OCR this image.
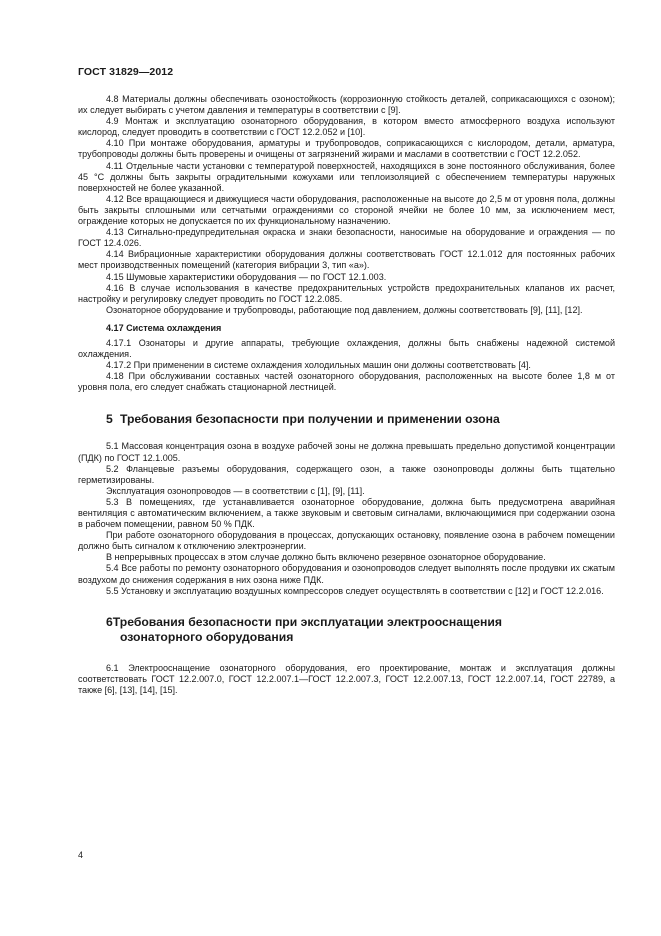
ГОСТ 31829—2012

4.8 Материалы должны обеспечивать озоностойкость (коррозионную стойкость деталей, соприкасающихся с озоном); их следует выбирать с учетом давления и температуры в соответствии с [9].

4.9 Монтаж и эксплуатацию озонаторного оборудования, в котором вместо атмосферного воздуха используют кислород, следует проводить в соответствии с ГОСТ 12.2.052 и [10].

4.10 При монтаже оборудования, арматуры и трубопроводов, соприкасающихся с кислородом, детали, арматура, трубопроводы должны быть проверены и очищены от загрязнений жирами и маслами в соответствии с ГОСТ 12.2.052.

4.11 Отдельные части установки с температурой поверхностей, находящихся в зоне постоянного обслуживания, более 45 °С должны быть закрыты оградительными кожухами или теплоизоляцией с обеспечением температуры наружных поверхностей не более указанной.

4.12 Все вращающиеся и движущиеся части оборудования, расположенные на высоте до 2,5 м от уровня пола, должны быть закрыты сплошными или сетчатыми ограждениями со стороной ячейки не более 10 мм, за исключением мест, ограждение которых не допускается по их функциональному назначению.

4.13 Сигнально-предупредительная окраска и знаки безопасности, наносимые на оборудование и ограждения — по ГОСТ 12.4.026.

4.14 Вибрационные характеристики оборудования должны соответствовать ГОСТ 12.1.012 для постоянных рабочих мест производственных помещений (категория вибрации 3, тип «а»).

4.15 Шумовые характеристики оборудования — по ГОСТ 12.1.003.

4.16 В случае использования в качестве предохранительных устройств предохранительных клапанов их расчет, настройку и регулировку следует проводить по ГОСТ 12.2.085.

Озонаторное оборудование и трубопроводы, работающие под давлением, должны соответствовать [9], [11], [12].

4.17 Система охлаждения

4.17.1 Озонаторы и другие аппараты, требующие охлаждения, должны быть снабжены надежной системой охлаждения.

4.17.2 При применении в системе охлаждения холодильных машин они должны соответствовать [4].

4.18 При обслуживании составных частей озонаторного оборудования, расположенных на высоте более 1,8 м от уровня пола, его следует снабжать стационарной лестницей.

5 Требования безопасности при получении и применении озона

5.1 Массовая концентрация озона в воздухе рабочей зоны не должна превышать предельно допустимой концентрации (ПДК) по ГОСТ 12.1.005.

5.2 Фланцевые разъемы оборудования, содержащего озон, а также озонопроводы должны быть тщательно герметизированы.

Эксплуатация озонопроводов — в соответствии с [1], [9], [11].

5.3 В помещениях, где устанавливается озонаторное оборудование, должна быть предусмотрена аварийная вентиляция с автоматическим включением, а также звуковым и световым сигналами, включающимися при содержании озона в рабочем помещении, равном 50 % ПДК.

При работе озонаторного оборудования в процессах, допускающих остановку, появление озона в рабочем помещении должно быть сигналом к отключению электроэнергии.

В непрерывных процессах в этом случае должно быть включено резервное озонаторное оборудование.

5.4 Все работы по ремонту озонаторного оборудования и озонопроводов следует выполнять после продувки их сжатым воздухом до снижения содержания в них озона ниже ПДК.

5.5 Установку и эксплуатацию воздушных компрессоров следует осуществлять в соответствии с [12] и ГОСТ 12.2.016.

6Требования безопасности при эксплуатации электрооснащения
озонаторного оборудования

6.1 Электрооснащение озонаторного оборудования, его проектирование, монтаж и эксплуатация должны соответствовать ГОСТ 12.2.007.0, ГОСТ 12.2.007.1—ГОСТ 12.2.007.3, ГОСТ 12.2.007.13, ГОСТ 12.2.007.14, ГОСТ 22789, а также [6], [13], [14], [15].

4
